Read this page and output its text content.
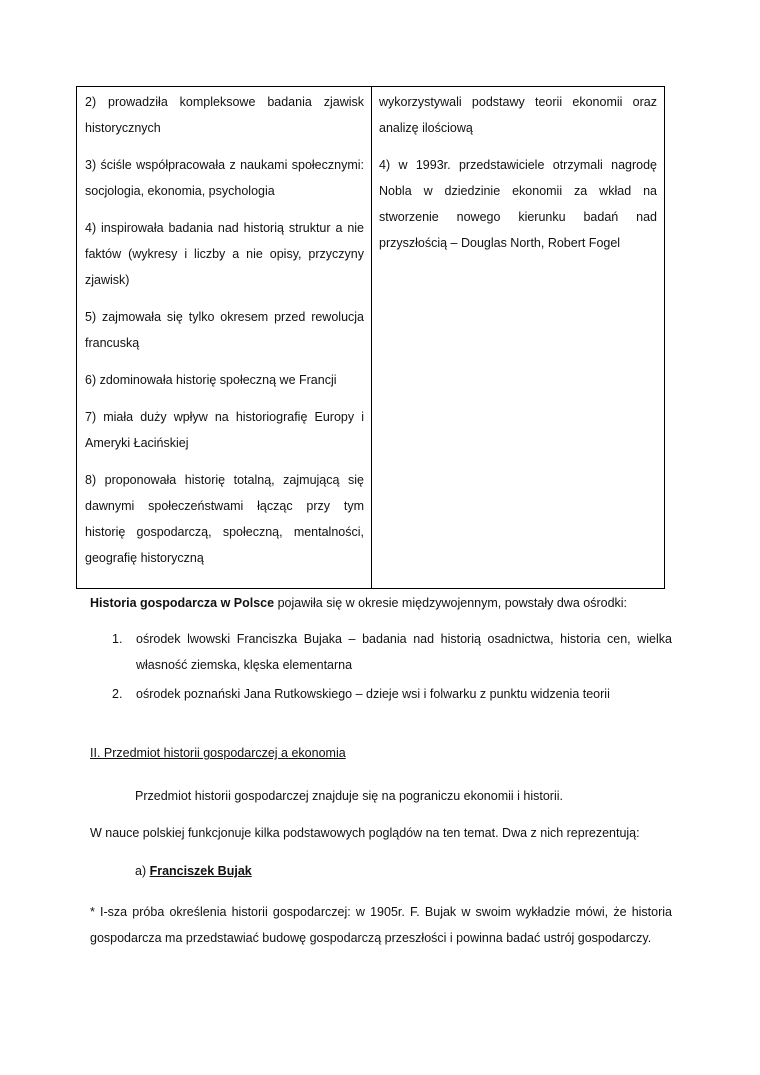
2) prowadziła kompleksowe badania zjawisk historycznych

3) ściśle współpracowała z naukami społecznymi: socjologia, ekonomia, psychologia

4) inspirowała badania nad historią struktur a nie faktów (wykresy i liczby a nie opisy, przyczyny zjawisk)

5) zajmowała się tylko okresem przed rewolucja francuską

6) zdominowała historię społeczną we Francji

7) miała duży wpływ na historiografię Europy i Ameryki Łacińskiej

8) proponowała historię totalną, zajmującą się dawnymi społeczeństwami łącząc przy tym historię gospodarczą, społeczną, mentalności, geografię historyczną

wykorzystywali podstawy teorii ekonomii oraz analizę ilościową

4) w 1993r. przedstawiciele otrzymali nagrodę Nobla w dziedzinie ekonomii za wkład na stworzenie nowego kierunku badań nad przyszłością – Douglas North, Robert Fogel

Historia gospodarcza w Polsce pojawiła się w okresie międzywojennym, powstały dwa ośrodki:

1.	ośrodek lwowski Franciszka Bujaka – badania nad historią osadnictwa, historia cen, wielka własność ziemska, klęska elementarna
2.	ośrodek poznański Jana Rutkowskiego – dzieje wsi i folwarku z punktu widzenia teorii

II. Przedmiot historii gospodarczej a ekonomia

Przedmiot historii gospodarczej znajduje się na pograniczu ekonomii i historii.

W nauce polskiej funkcjonuje kilka podstawowych poglądów na ten temat. Dwa z nich reprezentują:

a) Franciszek Bujak

* I-sza próba określenia historii gospodarczej: w 1905r. F. Bujak w swoim wykładzie mówi, że historia gospodarcza ma przedstawiać budowę gospodarczą przeszłości i powinna badać ustrój gospodarczy.
